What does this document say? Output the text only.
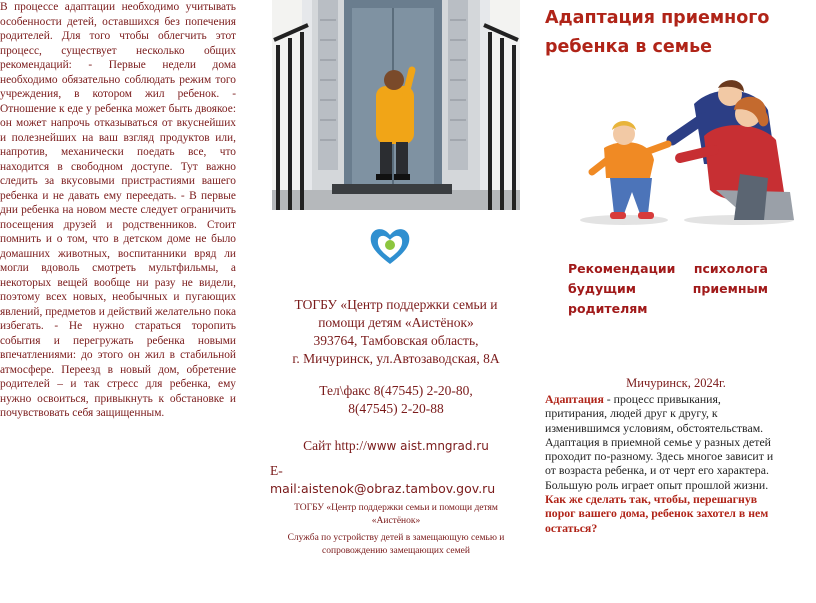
В процессе адаптации необходимо учитывать особенности детей, оставшихся без попечения родителей. Для того чтобы облегчить этот процесс, существует несколько общих рекомендаций: - Первые недели дома необходимо обязательно соблюдать режим того учреждения, в котором жил ребенок. - Отношение к еде у ребенка может быть двоякое: он может напрочь отказываться от вкуснейших и полезнейших на ваш взгляд продуктов или, напротив, механически поедать все, что находится в свободном доступе. Тут важно следить за вкусовыми пристрастиями вашего ребенка и не давать ему переедать. - В первые дни ребенка на новом месте следует ограничить посещения друзей и родственников. Стоит помнить и о том, что в детском доме не было домашних животных, воспитанники вряд ли могли вдоволь смотреть мультфильмы, а некоторых вещей вообще ни разу не видели, поэтому всех новых, необычных и пугающих явлений, предметов и действий желательно пока избегать. - Не нужно стараться торопить события и перегружать ребенка новыми впечатлениями: до этого он жил в стабильной атмосфере. Переезд в новый дом, обретение родителей – и так стресс для ребенка, ему нужно освоиться, привыкнуть к обстановке и почувствовать себя защищенным.

ТОГБУ «Центр поддержки семьи и
помощи детям «Аистёнок»
393764, Тамбовская область,
г. Мичуринск, ул.Автозаводская, 8А

Тел\факс 8(47545) 2-20-80,
8(47545) 2-20-88

Сайт http://www aist.mngrad.ru

E-
mail:aistenok@obraz.tambov.gov.ru

ТОГБУ «Центр поддержки семьи и помощи детям «Аистёнок»

Служба по устройству детей в замещающую семью и сопровождению замещающих семей

Адаптация приемного
ребенка в семье
Рекомендации психолога
будущим	приемным
родителям
Мичуринск, 2024г.

Адаптация - процесс привыкания, притирания, людей друг к другу, к изменившимся условиям, обстоятельствам. Адаптация в приемной семье у разных детей проходит по-разному. Здесь многое зависит и от возраста ребенка, и от черт его характера. Большую роль играет опыт прошлой жизни. Как же сделать так, чтобы, перешагнув порог вашего дома, ребенок захотел в нем остаться?
